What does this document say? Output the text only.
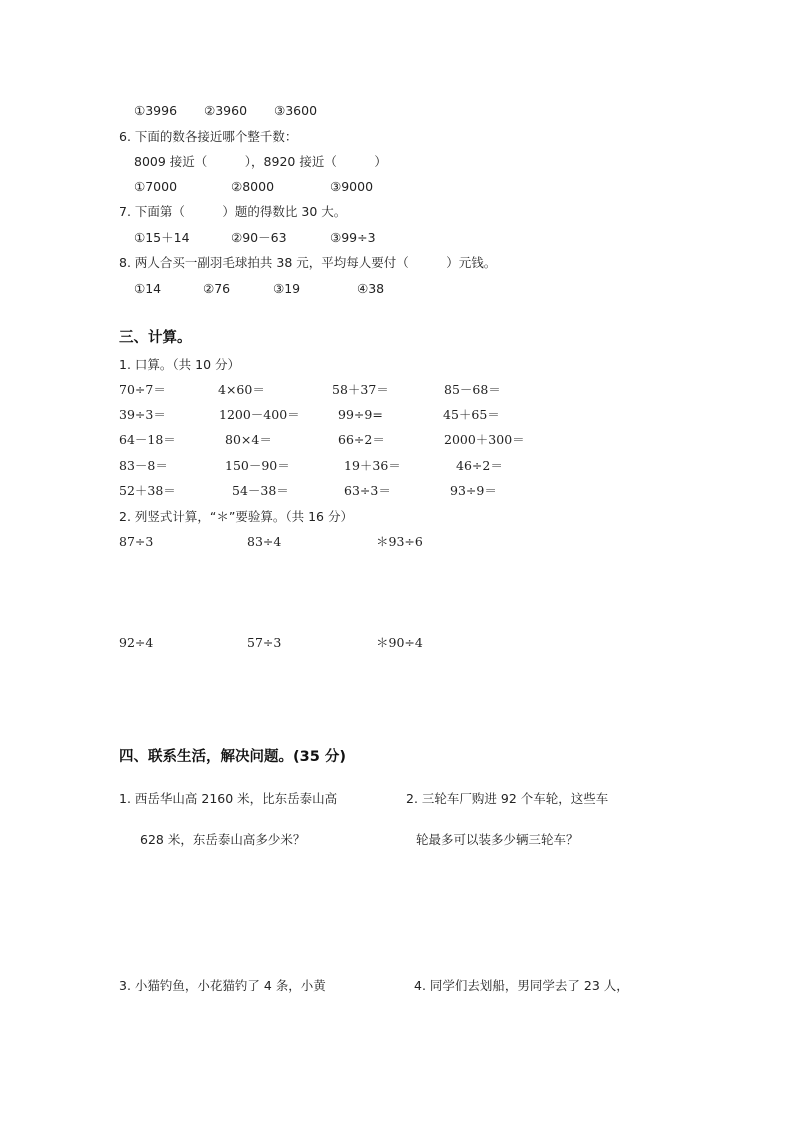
①3996 ②3960 ③3600
6. 下面的数各接近哪个整千数：
8009 接近（　　　），8920 接近（　　　）
①7000	②8000	③9000
7. 下面第（　　　）题的得数比 30 大。
①15＋14	②90－63	③99÷3
8. 两人合买一副羽毛球拍共 38 元，平均每人要付（　　　）元钱。
①14	②76	③19	④38
三、计算。
1. 口算。（共 10 分）
70÷7＝	4×60＝	58＋37＝	85－68＝
39÷3＝	1200－400＝	99÷9=	45＋65＝
64－18＝	80×4＝	66÷2＝	2000＋300＝
83－8＝	150－90＝	19＋36＝	46÷2＝
52＋38＝	54－38＝	63÷3＝	93÷9＝
2. 列竖式计算，“＊”要验算。（共 16 分）
87÷3	83÷4	＊93÷6
92÷4	57÷3	＊90÷4
四、联系生活，解决问题。(35 分)
1. 西岳华山高 2160 米，比东岳泰山高
628 米，东岳泰山高多少米？
2. 三轮车厂购进 92 个车轮，这些车
轮最多可以装多少辆三轮车？
3. 小猫钓鱼，小花猫钓了 4 条，小黄	4. 同学们去划船，男同学去了 23 人，
